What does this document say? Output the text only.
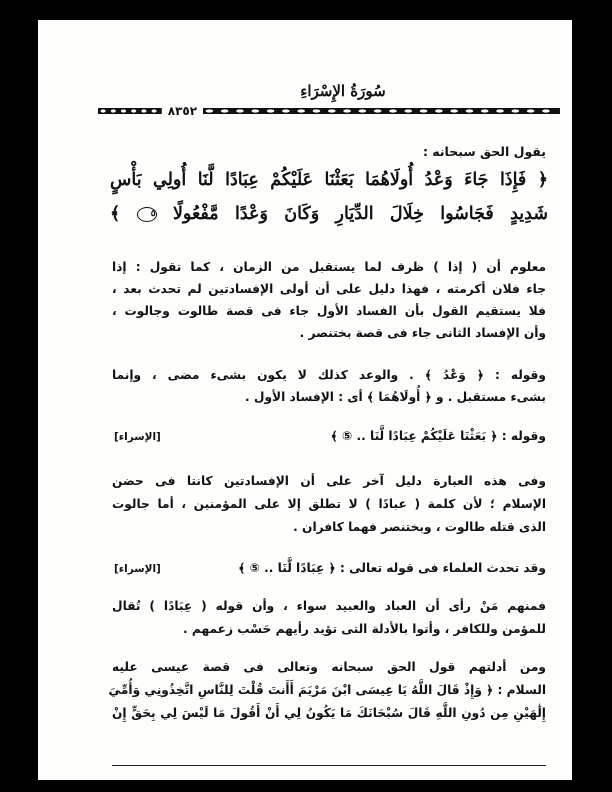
سُورَةُ الإِسْرَاءِ
٨٣٥٢
يقول الحق سبحانه :
﴿ فَإِذَا جَاءَ وَعْدُ أُولَاهُمَا بَعَثْنَا عَلَيْكُمْ عِبَادًا لَّنَا أُولِي بَأْسٍ
شَدِيدٍ فَجَاسُوا خِلَالَ الدِّيَارِ وَكَانَ وَعْدًا مَّفْعُولًا ٥ ﴾
معلوم أن ( إذا ) ظرف لما يستقبل من الزمان ، كما تقول : إذا
جاء فلان أكرمته ، فهذا دليل على أن أولى الإفسادتين لم تحدث بعد ،
فلا يستقيم القول بأن الفساد الأول جاء فى قصة طالوت وجالوت ،
وأن الإفساد الثانى جاء فى قصة بختنصر .
وقوله : ﴿ وَعْدُ ﴾ . والوعد كذلك لا يكون بشىء مضى ، وإنما
بشىء مستقبل . و ﴿ أُولَاهُمَا ﴾ أى : الإفساد الأول .
وقوله : ﴿ بَعَثْنَا عَلَيْكُمْ عِبَادًا لَّنَا .. ⑤ ﴾
[الإسراء]
وفى هذه العبارة دليل آخر على أن الإفسادتين كانتا فى حضن
الإسلام ؛ لأن كلمة ( عبادًا ) لا تطلق إلا على المؤمنين ، أما جالوت
الذى قتله طالوت ، وبختنصر فهما كافران .
وقد تحدث العلماء فى قوله تعالى : ﴿ عِبَادًا لَّنَا .. ⑤ ﴾
[الإسراء]
فمنهم مَنْ رأى أن العباد والعبيد سواء ، وأن قوله ( عِبَادًا ) تُقال
للمؤمن وللكافر ، وأتوا بالأدلة التى تؤيد رأيهم حَسْب زعمهم .
ومن أدلتهم قول الحق سبحانه وتعالى فى قصة عيسى عليه
السلام : ﴿ وَإِذْ قَالَ اللَّهُ يَا عِيسَى ابْنَ مَرْيَمَ أَأَنتَ قُلْتَ لِلنَّاسِ اتَّخِذُونِي وَأُمِّيَ
إِلَٰهَيْنِ مِن دُونِ اللَّهِ قَالَ سُبْحَانَكَ مَا يَكُونُ لِي أَنْ أَقُولَ مَا لَيْسَ لِي بِحَقٍّ إِنْ
